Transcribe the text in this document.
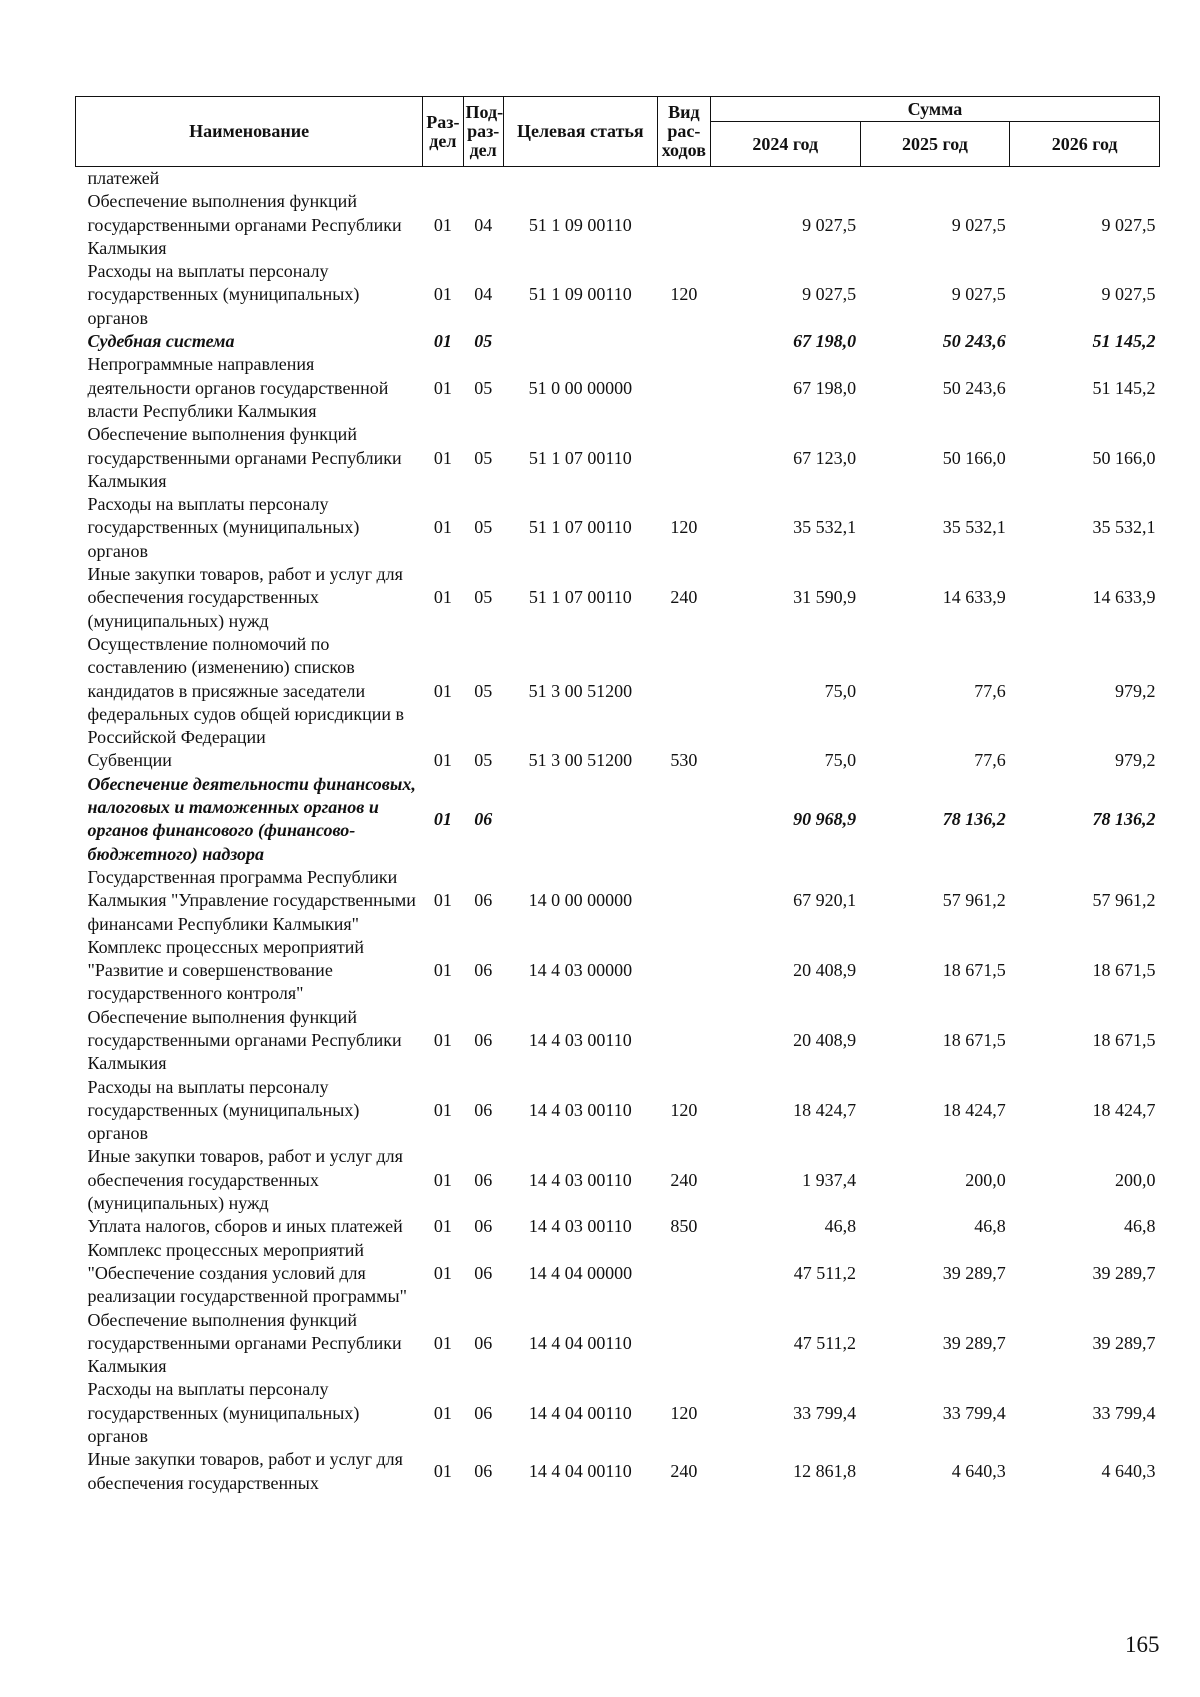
Наименование	Раз-дел	Под-раз-дел	Целевая статья	Вид рас-ходов	Сумма		
					2024 год	2025 год	2026 год
платежей							
Обеспечение выполнения функций государственными органами Республики Калмыкия	01	04	51 1 09 00110		9 027,5	9 027,5	9 027,5
Расходы на выплаты персоналу государственных (муниципальных) органов	01	04	51 1 09 00110	120	9 027,5	9 027,5	9 027,5
Судебная система	01	05			67 198,0	50 243,6	51 145,2
Непрограммные направления деятельности органов государственной власти Республики Калмыкия	01	05	51 0 00 00000		67 198,0	50 243,6	51 145,2
Обеспечение выполнения функций государственными органами Республики Калмыкия	01	05	51 1 07 00110		67 123,0	50 166,0	50 166,0
Расходы на выплаты персоналу государственных (муниципальных) органов	01	05	51 1 07 00110	120	35 532,1	35 532,1	35 532,1
Иные закупки товаров, работ и услуг для обеспечения государственных (муниципальных) нужд	01	05	51 1 07 00110	240	31 590,9	14 633,9	14 633,9
Осуществление полномочий по составлению (изменению) списков кандидатов в присяжные заседатели федеральных судов общей юрисдикции в Российской Федерации	01	05	51 3 00 51200		75,0	77,6	979,2
Субвенции	01	05	51 3 00 51200	530	75,0	77,6	979,2
Обеспечение деятельности финансовых, налоговых и таможенных органов и органов финансового (финансово-бюджетного) надзора	01	06			90 968,9	78 136,2	78 136,2
Государственная программа Республики Калмыкия "Управление государственными финансами Республики Калмыкия"	01	06	14 0 00 00000		67 920,1	57 961,2	57 961,2
Комплекс процессных мероприятий "Развитие и совершенствование государственного контроля"	01	06	14 4 03 00000		20 408,9	18 671,5	18 671,5
Обеспечение выполнения функций государственными органами Республики Калмыкия	01	06	14 4 03 00110		20 408,9	18 671,5	18 671,5
Расходы на выплаты персоналу государственных (муниципальных) органов	01	06	14 4 03 00110	120	18 424,7	18 424,7	18 424,7
Иные закупки товаров, работ и услуг для обеспечения государственных (муниципальных) нужд	01	06	14 4 03 00110	240	1 937,4	200,0	200,0
Уплата налогов, сборов и иных платежей	01	06	14 4 03 00110	850	46,8	46,8	46,8
Комплекс процессных мероприятий "Обеспечение создания условий для реализации государственной программы"	01	06	14 4 04 00000		47 511,2	39 289,7	39 289,7
Обеспечение выполнения функций государственными органами Республики Калмыкия	01	06	14 4 04 00110		47 511,2	39 289,7	39 289,7
Расходы на выплаты персоналу государственных (муниципальных) органов	01	06	14 4 04 00110	120	33 799,4	33 799,4	33 799,4
Иные закупки товаров, работ и услуг для обеспечения государственных	01	06	14 4 04 00110	240	12 861,8	4 640,3	4 640,3
165
